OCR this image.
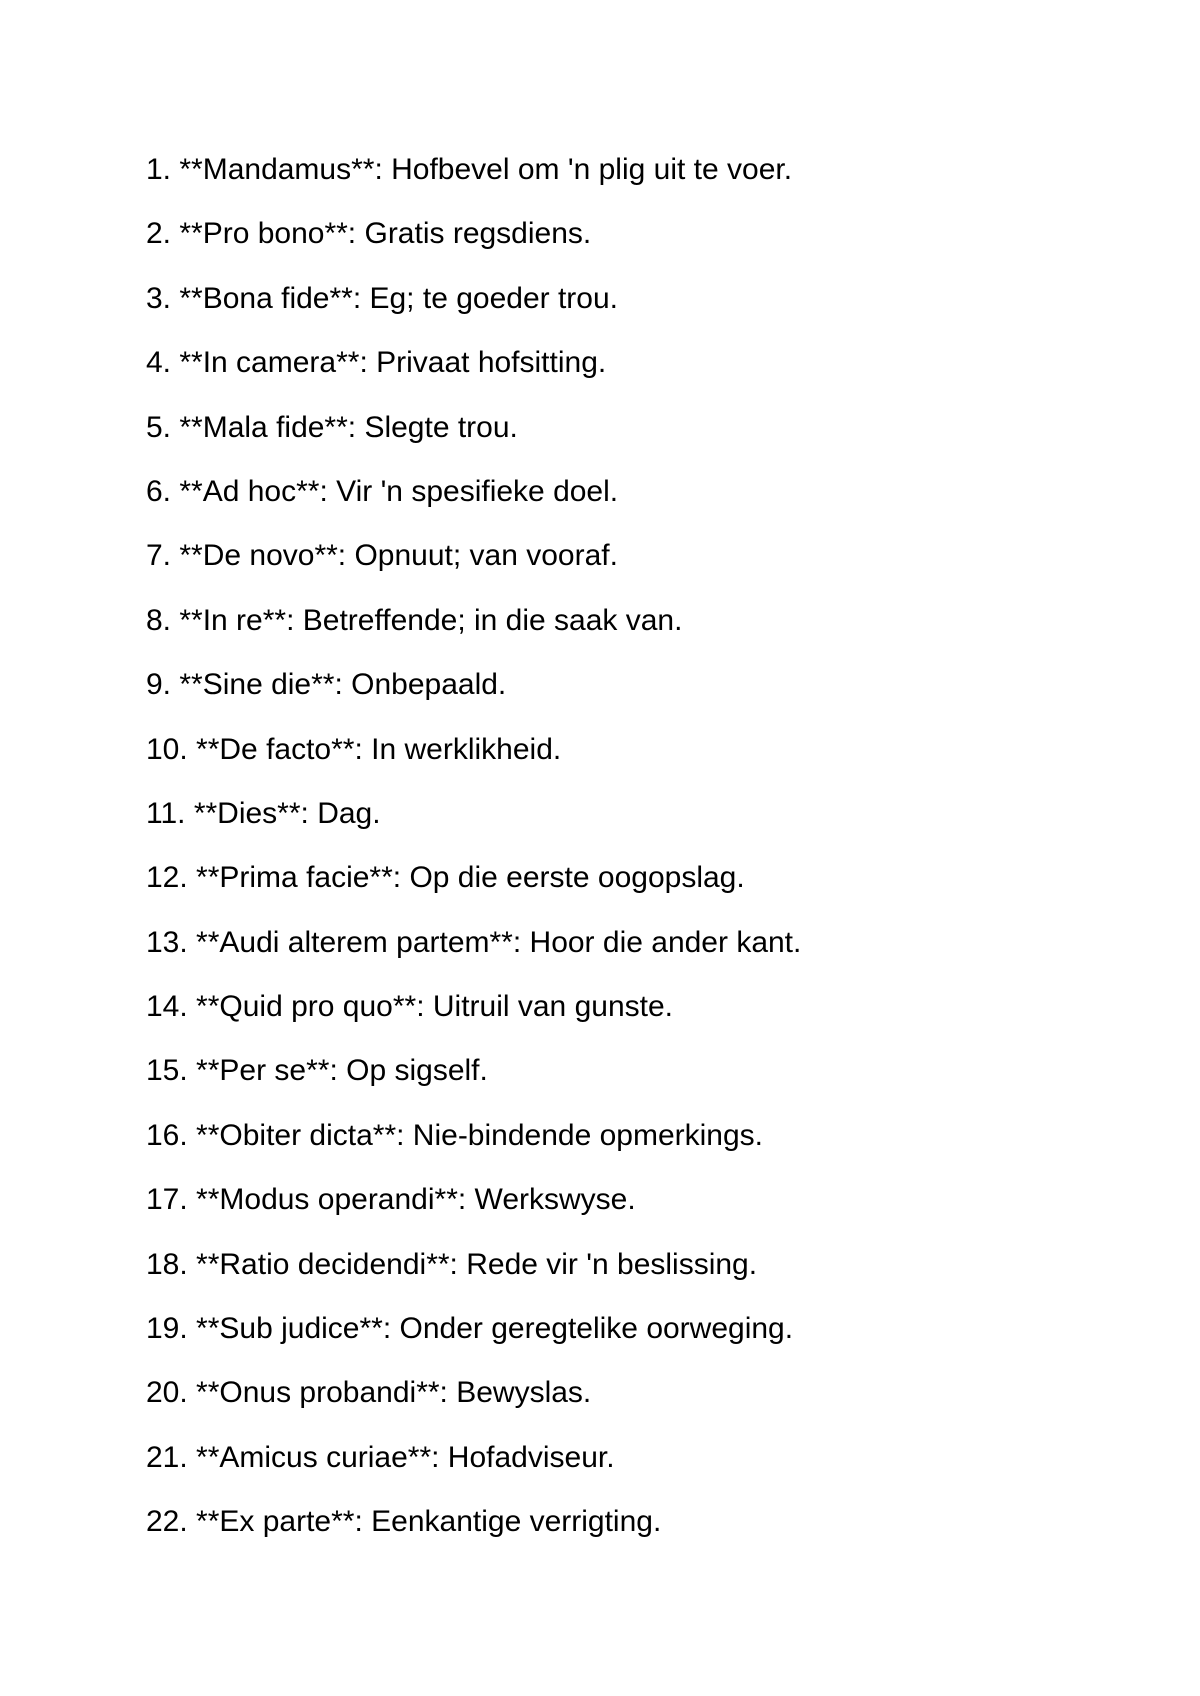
1. **Mandamus**: Hofbevel om 'n plig uit te voer.
2. **Pro bono**: Gratis regsdiens.
3. **Bona fide**: Eg; te goeder trou.
4. **In camera**: Privaat hofsitting.
5. **Mala fide**: Slegte trou.
6. **Ad hoc**: Vir 'n spesifieke doel.
7. **De novo**: Opnuut; van vooraf.
8. **In re**: Betreffende; in die saak van.
9. **Sine die**: Onbepaald.
10. **De facto**: In werklikheid.
11. **Dies**: Dag.
12. **Prima facie**: Op die eerste oogopslag.
13. **Audi alterem partem**: Hoor die ander kant.
14. **Quid pro quo**: Uitruil van gunste.
15. **Per se**: Op sigself.
16. **Obiter dicta**: Nie-bindende opmerkings.
17. **Modus operandi**: Werkswyse.
18. **Ratio decidendi**: Rede vir 'n beslissing.
19. **Sub judice**: Onder geregtelike oorweging.
20. **Onus probandi**: Bewyslas.
21. **Amicus curiae**: Hofadviseur.
22. **Ex parte**: Eenkantige verrigting.
